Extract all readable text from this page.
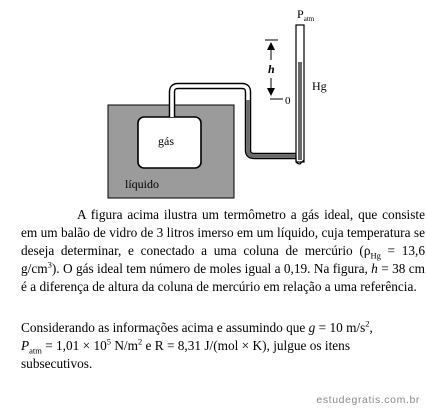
$P_{atm}$
h
Hg
0
gás
líquido

A figura acima ilustra um termômetro a gás ideal, que consiste em um balão de vidro de 3 litros imerso em um líquido, cuja temperatura se deseja determinar, e conectado a uma coluna de mercúrio ($\rho_{Hg} = 13,6$ $g/cm^3$). O gás ideal tem número de moles igual a 0,19. Na figura, h = 38 cm é a diferença de altura da coluna de mercúrio em relação a uma referência.

Considerando as informações acima e assumindo que g = 10 $m/s^2$,
$P_{atm} = 1,01 \times 10^5$ $N/m^2$ e R = 8,31 J/(mol × K), julgue os itens

subsecutivos.

estudegratis.com.br
